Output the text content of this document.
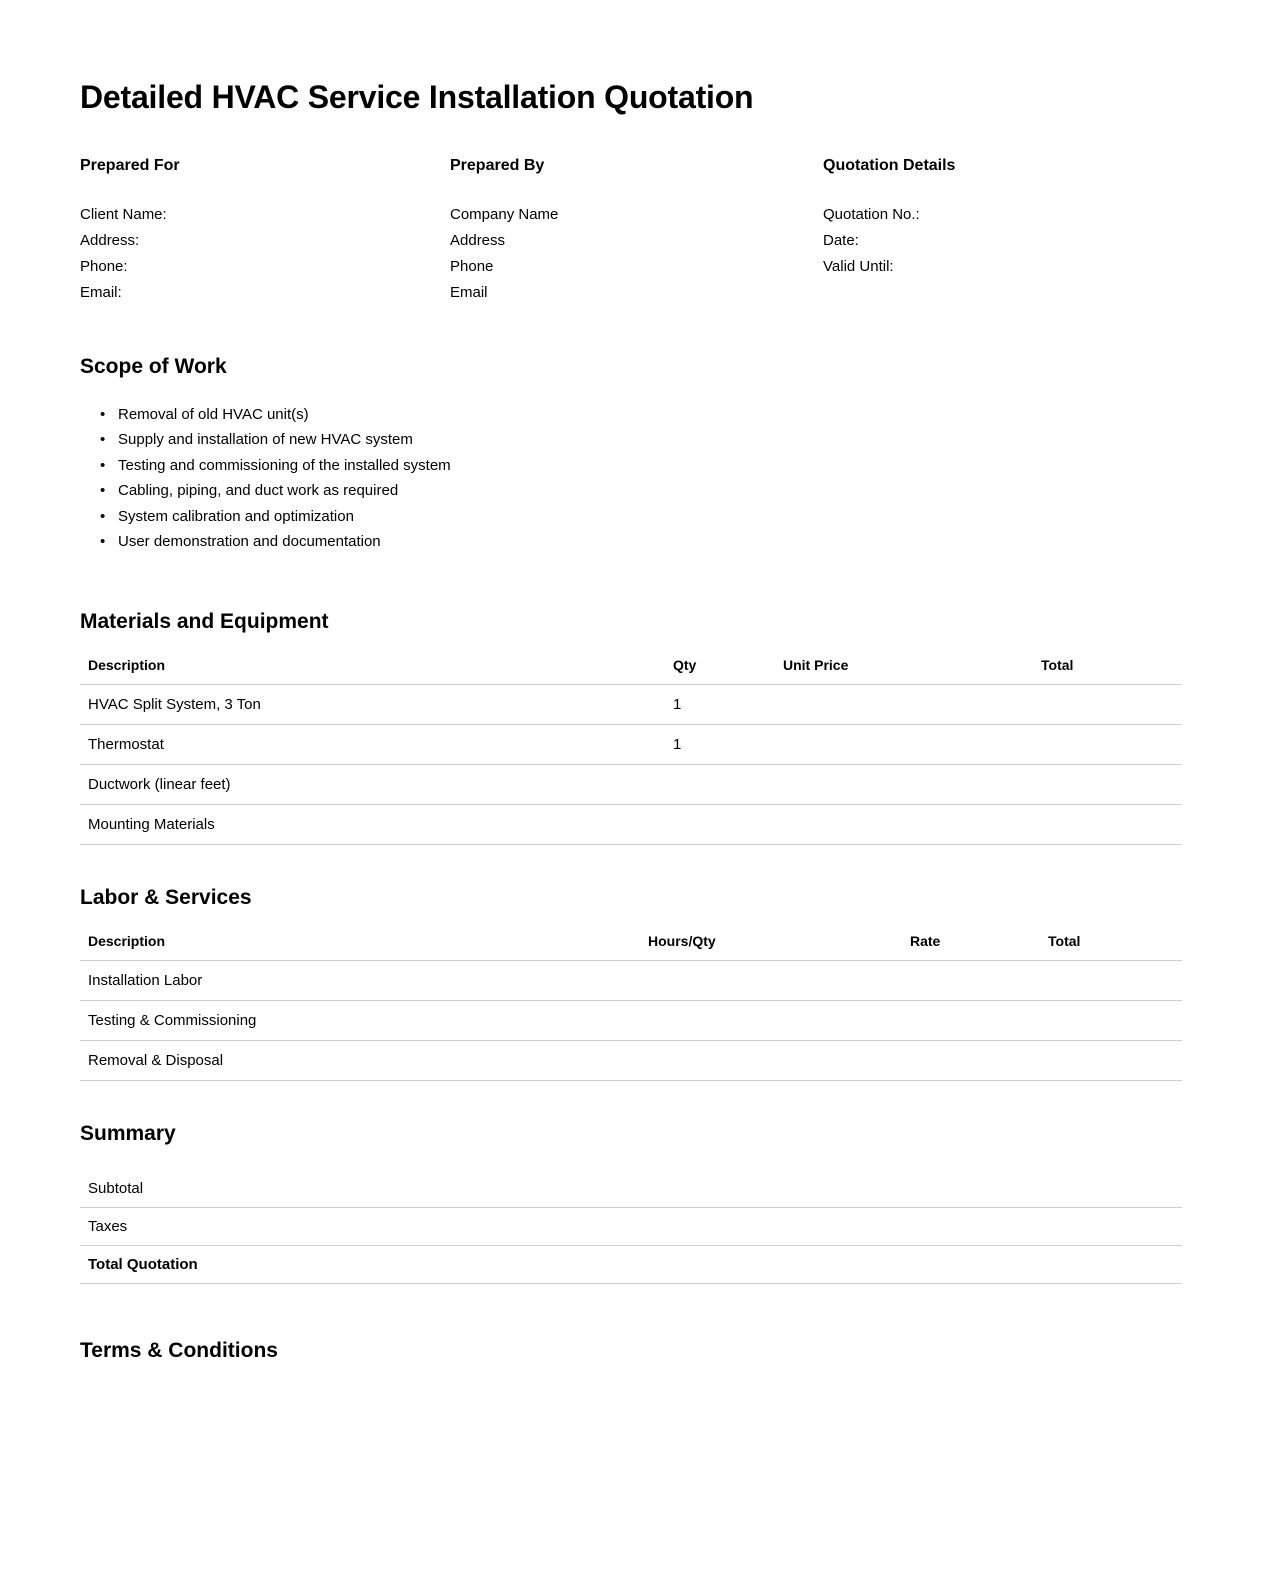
Detailed HVAC Service Installation Quotation
Prepared For
Client Name:
Address:
Phone:
Email:
Prepared By
Company Name
Address
Phone
Email
Quotation Details
Quotation No.:
Date:
Valid Until:
Scope of Work
• Removal of old HVAC unit(s)
• Supply and installation of new HVAC system
• Testing and commissioning of the installed system
• Cabling, piping, and duct work as required
• System calibration and optimization
• User demonstration and documentation
Materials and Equipment
Description	Qty	Unit Price	Total
HVAC Split System, 3 Ton	1		
Thermostat	1		
Ductwork (linear feet)			
Mounting Materials			
Labor & Services
Description	Hours/Qty	Rate	Total
Installation Labor			
Testing & Commissioning			
Removal & Disposal			
Summary
Subtotal	
Taxes	
Total Quotation	
Terms & Conditions
